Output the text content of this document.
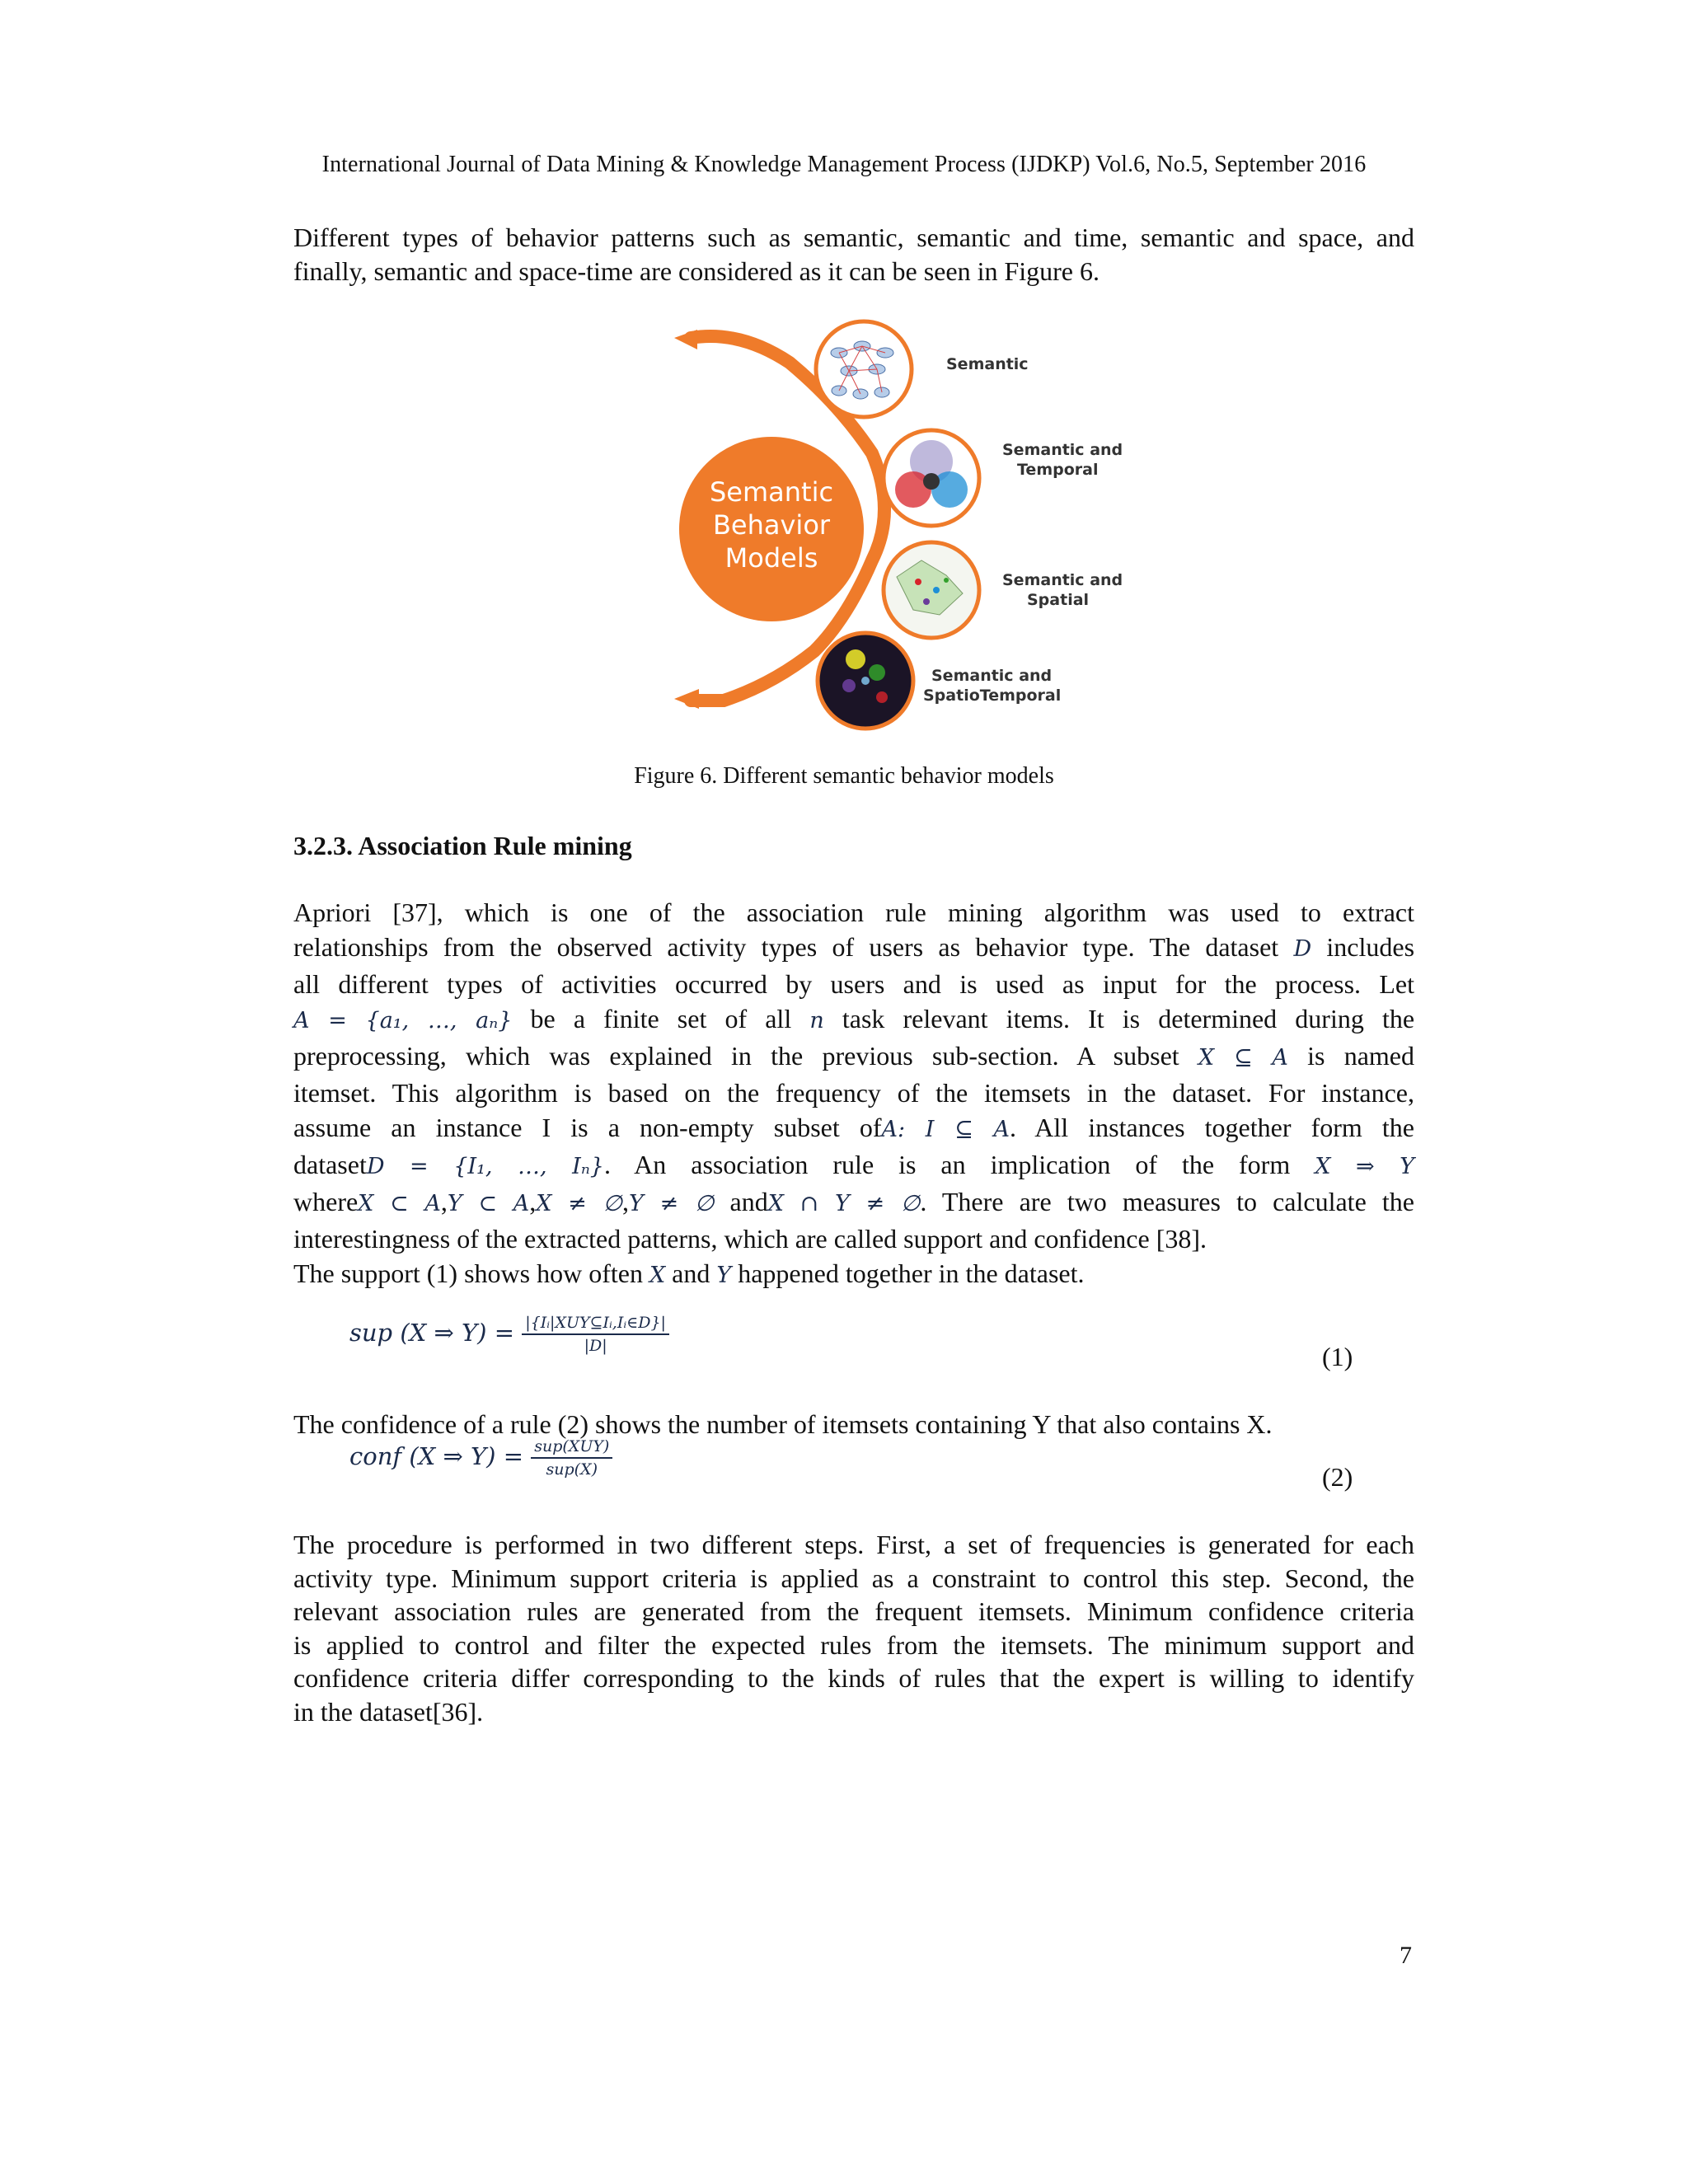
International Journal of Data Mining & Knowledge Management Process (IJDKP) Vol.6, No.5, September 2016
Different types of behavior patterns such as semantic, semantic and time, semantic and space, and
finally, semantic and space-time are considered as it can be seen in Figure 6.
Semantic
Behavior
Models
Semantic
Semantic and
Temporal
Semantic and
Spatial
Semantic and
SpatioTemporal
Figure 6. Different semantic behavior models
3.2.3. Association Rule mining
Apriori [37], which is one of the association rule mining algorithm was used to extract
relationships from the observed activity types of users as behavior type. The dataset D includes
all different types of activities occurred by users and is used as input for the process. Let
A = {a₁, …, aₙ} be a finite set of all n task relevant items. It is determined during the
preprocessing, which was explained in the previous sub-section. A subset X ⊆ A is named
itemset. This algorithm is based on the frequency of the itemsets in the dataset. For instance,
assume an instance I is a non-empty subset ofA: I ⊆ A. All instances together form the
datasetD = {I₁, …, Iₙ}. An association rule is an implication of the form X ⇒ Y
whereX ⊂ A,Y ⊂ A,X ≠ ∅,Y ≠ ∅ andX ∩ Y ≠ ∅. There are two measures to calculate the
interestingness of the extracted patterns, which are called support and confidence [38].
The support (1) shows how often X and Y happened together in the dataset.
sup (X ⇒ $Y) = \frac{\text{|\{Iᵢ|XUY⊆Iᵢ,Iᵢ∈D\}|}}{|D|}$
(1)
The confidence of a rule (2) shows the number of itemsets containing Y that also contains X.
conf (X ⇒ $Y) = \frac{\text{sup(XUY)}}{\text{sup(X)}}$	(2)
The procedure is performed in two different steps. First, a set of frequencies is generated for each
activity type. Minimum support criteria is applied as a constraint to control this step. Second, the
relevant association rules are generated from the frequent itemsets. Minimum confidence criteria
is applied to control and filter the expected rules from the itemsets. The minimum support and
confidence criteria differ corresponding to the kinds of rules that the expert is willing to identify
in the dataset[36].
7
